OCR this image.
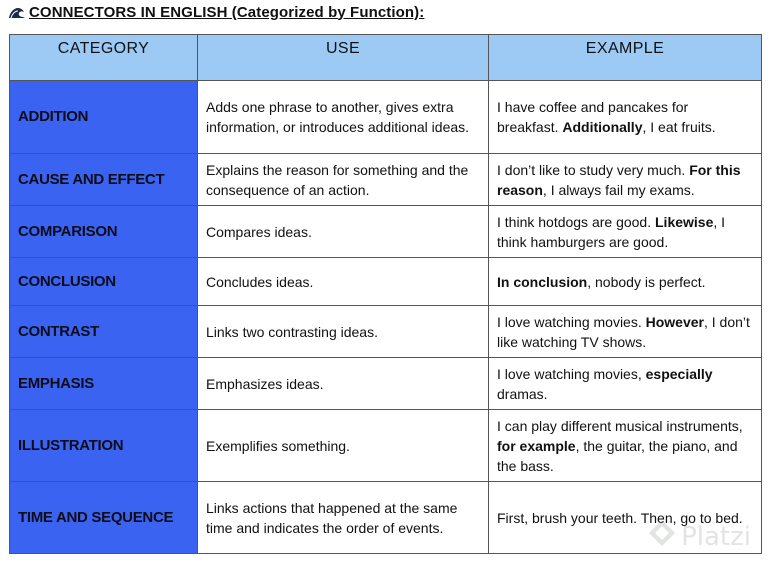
CONNECTORS IN ENGLISH (Categorized by Function):
CATEGORY	USE	EXAMPLE
ADDITION	Adds one phrase to another, gives extra information, or introduces additional ideas.	I have coffee and pancakes for breakfast. Additionally, I eat fruits.
CAUSE AND EFFECT	Explains the reason for something and the consequence of an action.	I don’t like to study very much. For this reason, I always fail my exams.
COMPARISON	Compares ideas.	I think hotdogs are good. Likewise, I think hamburgers are good.
CONCLUSION	Concludes ideas.	In conclusion, nobody is perfect.
CONTRAST	Links two contrasting ideas.	I love watching movies. However, I don’t like watching TV shows.
EMPHASIS	Emphasizes ideas.	I love watching movies, especially dramas.
ILLUSTRATION	Exemplifies something.	I can play different musical instruments, for example, the guitar, the piano, and the bass.
TIME AND SEQUENCE	Links actions that happened at the same time and indicates the order of events.	First, brush your teeth. Then, go to bed.
Platzi
